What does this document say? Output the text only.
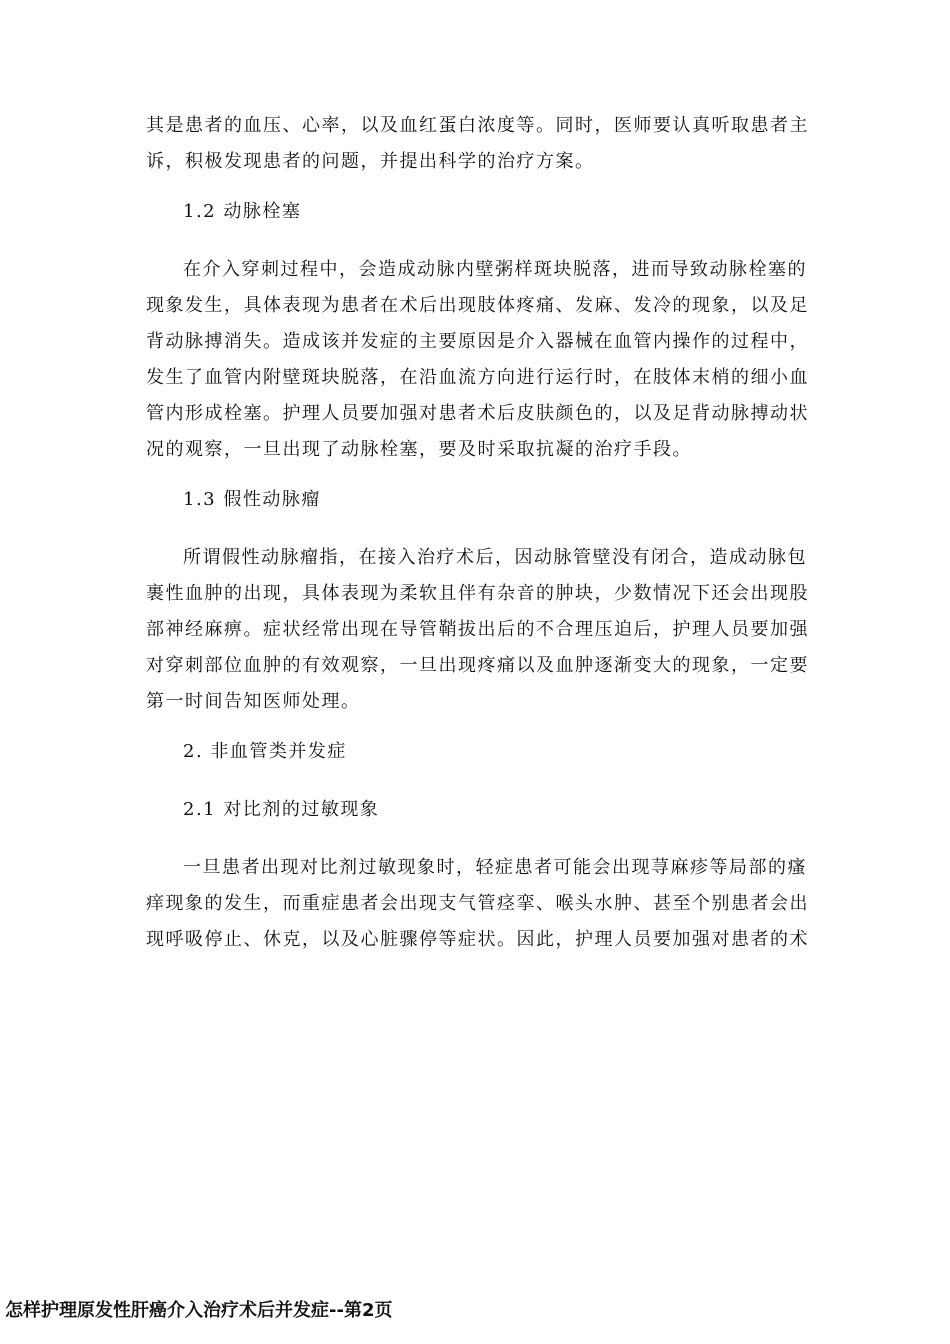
其是患者的血压、心率，以及血红蛋白浓度等。同时，医师要认真听取患者主

诉，积极发现患者的问题，并提出科学的治疗方案。

1.2 动脉栓塞

在介入穿刺过程中，会造成动脉内壁粥样斑块脱落，进而导致动脉栓塞的

现象发生，具体表现为患者在术后出现肢体疼痛、发麻、发冷的现象，以及足

背动脉搏消失。造成该并发症的主要原因是介入器械在血管内操作的过程中，

发生了血管内附壁斑块脱落，在沿血流方向进行运行时，在肢体末梢的细小血

管内形成栓塞。护理人员要加强对患者术后皮肤颜色的，以及足背动脉搏动状

况的观察，一旦出现了动脉栓塞，要及时采取抗凝的治疗手段。

1.3 假性动脉瘤

所谓假性动脉瘤指，在接入治疗术后，因动脉管壁没有闭合，造成动脉包

裹性血肿的出现，具体表现为柔软且伴有杂音的肿块，少数情况下还会出现股

部神经麻痹。症状经常出现在导管鞘拔出后的不合理压迫后，护理人员要加强

对穿刺部位血肿的有效观察，一旦出现疼痛以及血肿逐渐变大的现象，一定要

第一时间告知医师处理。

2. 非血管类并发症
2.1 对比剂的过敏现象

一旦患者出现对比剂过敏现象时，轻症患者可能会出现荨麻疹等局部的瘙

痒现象的发生，而重症患者会出现支气管痉挛、喉头水肿、甚至个别患者会出

现呼吸停止、休克，以及心脏骤停等症状。因此，护理人员要加强对患者的术

怎样护理原发性肝癌介入治疗术后并发症--第2页
